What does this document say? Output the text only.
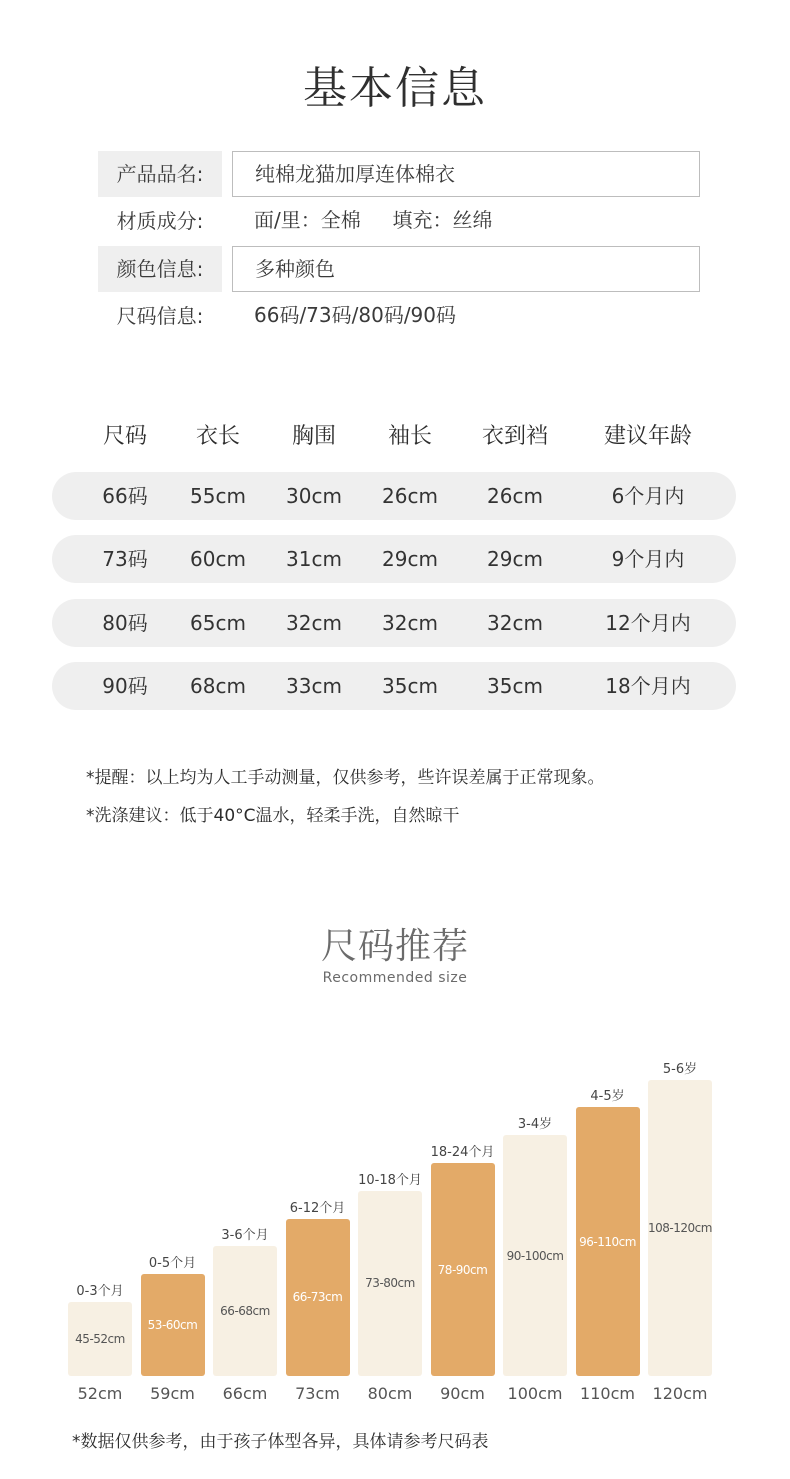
基本信息
产品品名:	纯棉龙猫加厚连体棉衣
材质成分:	面/里：全棉     填充：丝绵
颜色信息:	多种颜色
尺码信息:	66码/73码/80码/90码
尺码 衣长 胸围 袖长 衣到裆	建议年龄
66码 55cm 30cm 26cm 26cm	6个月内
73码 60cm 31cm 29cm 29cm	9个月内
80码 65cm 32cm 32cm 32cm	12个月内
90码 68cm 33cm 35cm 35cm	18个月内
*提醒：以上均为人工手动测量，仅供参考，些许误差属于正常现象。
*洗涤建议：低于40°C温水，轻柔手洗，自然晾干
尺码推荐
Recommended size
45-52cm
0-3个月
52cm
53-60cm
0-5个月
59cm
66-68cm
3-6个月
66cm
66-73cm
6-12个月
73cm
73-80cm
10-18个月
80cm
78-90cm
18-24个月
90cm
90-100cm
3-4岁
100cm
96-110cm
4-5岁
110cm
108-120cm
5-6岁
120cm
*数据仅供参考，由于孩子体型各异，具体请参考尺码表
